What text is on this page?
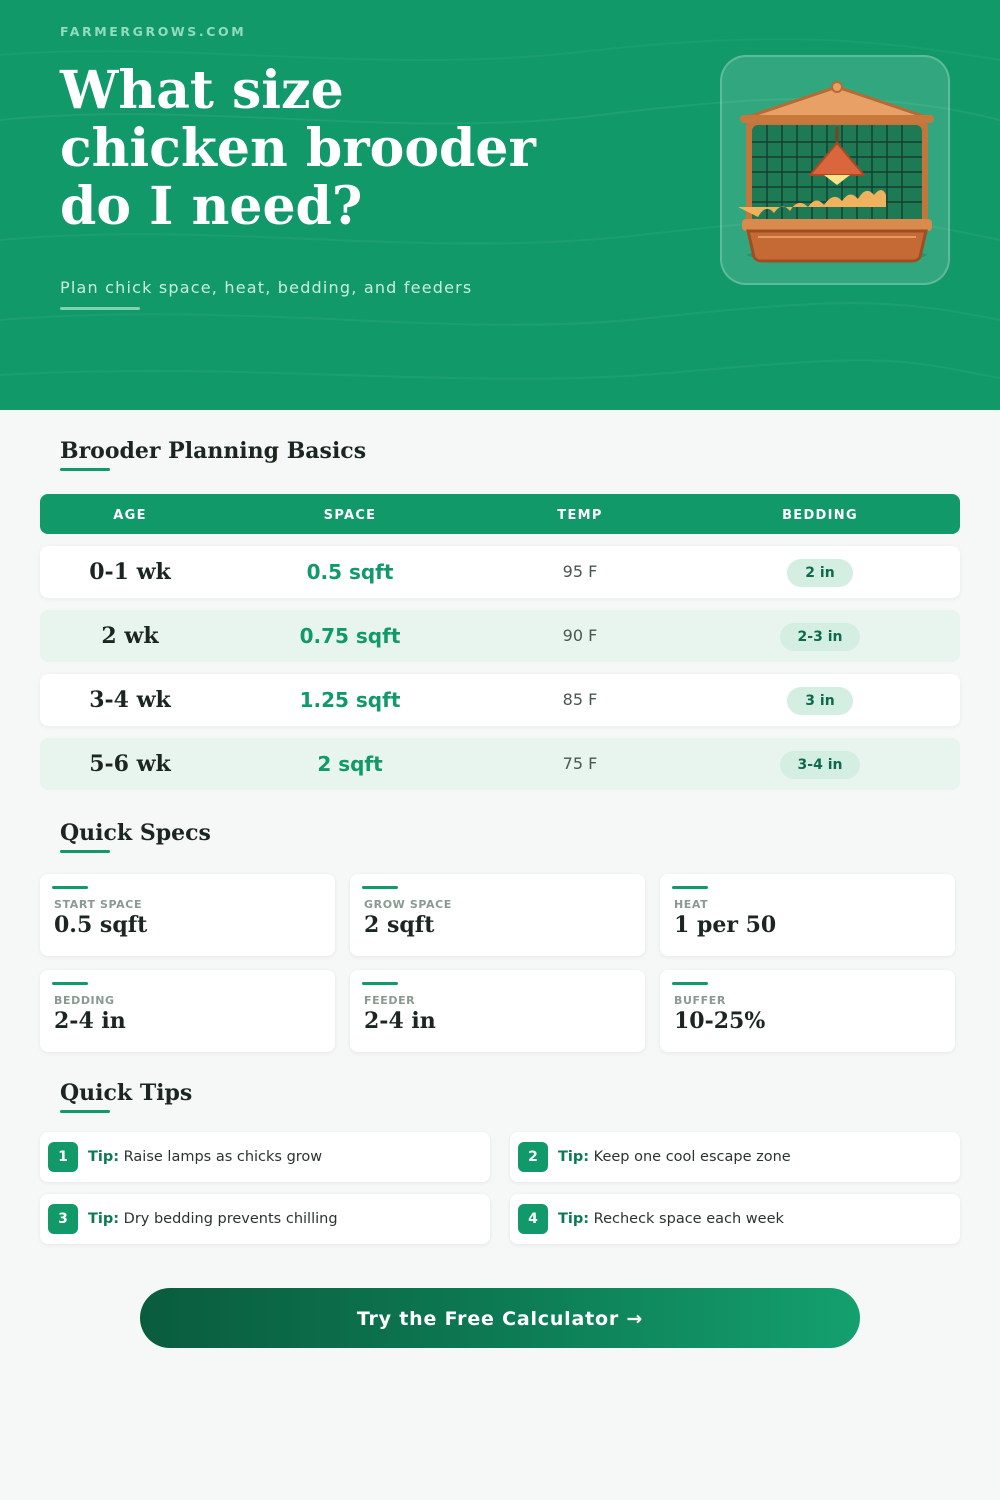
FARMERGROWS.COM
What size
chicken brooder
do I need?
Plan chick space, heat, bedding, and feeders
Brooder Planning Basics
AGE	SPACE	TEMP	BEDDING
0-1 wk	0.5 sqft	95 F	2 in
2 wk	0.75 sqft	90 F	2-3 in
3-4 wk	1.25 sqft	85 F	3 in
5-6 wk	2 sqft	75 F	3-4 in
Quick Specs
START SPACE
0.5 sqft
GROW SPACE
2 sqft
HEAT
1 per 50
BEDDING
2-4 in
FEEDER
2-4 in
BUFFER
10-25%
Quick Tips
1	Tip: Raise lamps as chicks grow	2	Tip: Keep one cool escape zone
3	Tip: Dry bedding prevents chilling	4	Tip: Recheck space each week
Try the Free Calculator →
